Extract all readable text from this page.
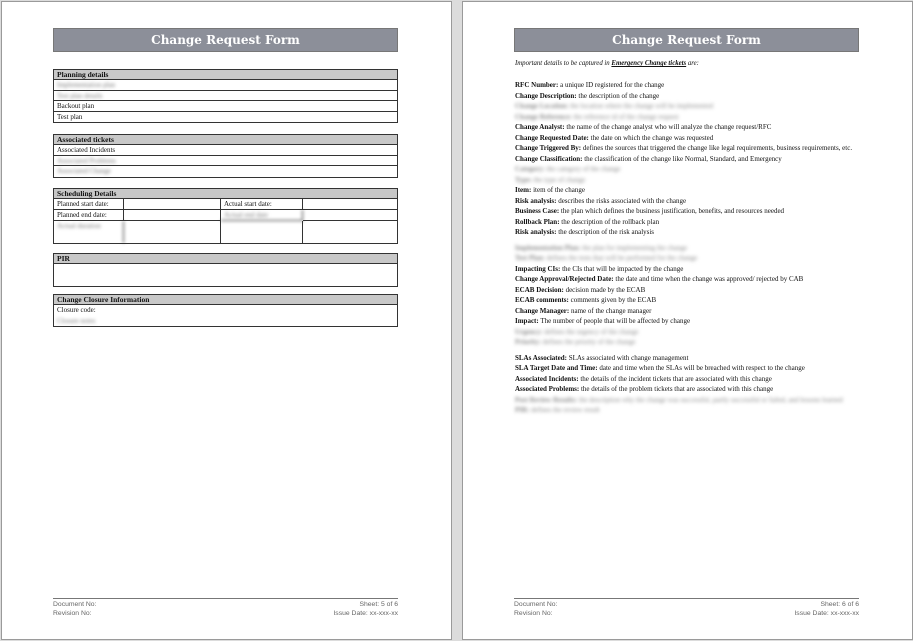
Change Request Form
Planning details
Implementation plan
Test plan details
Backout plan
Test plan
Associated tickets
Associated Incidents
Associated Problems
Associated Change
Scheduling Details
Planned start date:	Actual start date:
Planned end date:	Actual end date
Actual duration
PIR
Change Closure Information
Closure code:
Closure notes
Document No:
Revision No:
Sheet: 5 of 6
Issue Date: xx-xxx-xx
Change Request Form
Important details to be captured in Emergency Change tickets are:

RFC Number: a unique ID registered for the change

Change Description: the description of the change

Change Location: the location where the change will be implemented

Change Reference: the reference id of the change request

Change Analyst: the name of the change analyst who will analyze the change request/RFC

Change Requested Date: the date on which the change was requested

Change Triggered By: defines the sources that triggered the change like legal requirements, business requirements, etc.

Change Classification: the classification of the change like Normal, Standard, and Emergency

Category: the category of the change

Type: the type of change

Item: item of the change

Risk analysis: describes the risks associated with the change

Business Case: the plan which defines the business justification, benefits, and resources needed

Rollback Plan: the description of the rollback plan

Risk analysis: the description of the risk analysis

Implementation Plan: the plan for implementing the change

Test Plan: defines the tests that will be performed for the change

Impacting CIs: the CIs that will be impacted by the change

Change Approval/Rejected Date: the date and time when the change was approved/ rejected by CAB

ECAB Decision: decision made by the ECAB

ECAB comments: comments given by the ECAB

Change Manager: name of the change manager

Impact: The number of people that will be affected by change

Urgency: defines the urgency of the change

Priority: defines the priority of the change

SLAs Associated: SLAs associated with change management

SLA Target Date and Time: date and time when the SLAs will be breached with respect to the change

Associated Incidents: the details of the incident tickets that are associated with this change

Associated Problems: the details of the problem tickets that are associated with this change

Post Review Results: the description why the change was successful, partly successful or failed, and lessons learned

PIR: defines the review result

Document No:
Revision No:
Sheet: 6 of 6
Issue Date: xx-xxx-xx
